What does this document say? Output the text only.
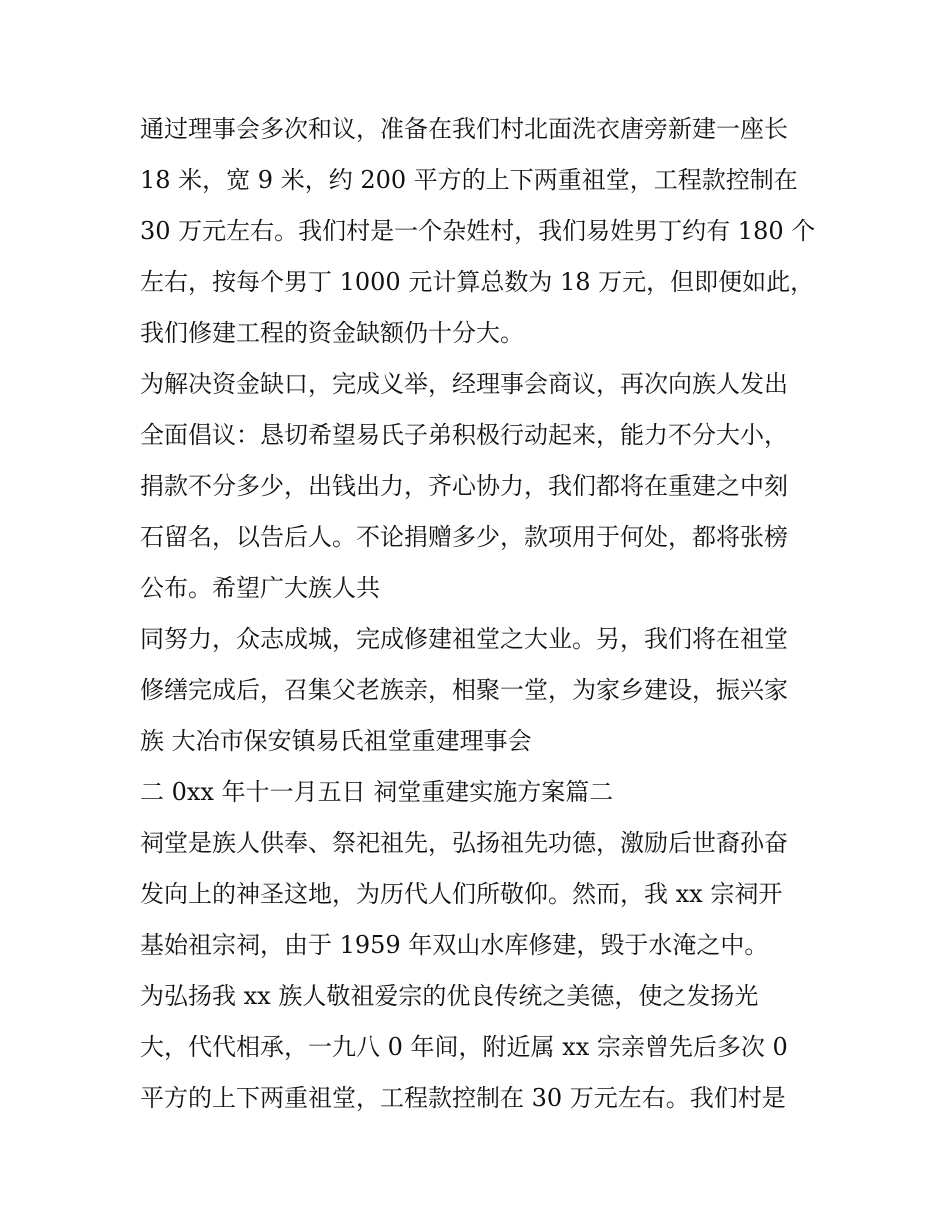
通过理事会多次和议，准备在我们村北面洗衣唐旁新建一座长
18 米，宽 9 米，约 200 平方的上下两重祖堂，工程款控制在
30 万元左右。我们村是一个杂姓村，我们易姓男丁约有 180 个
左右，按每个男丁 1000 元计算总数为 18 万元，但即便如此，
我们修建工程的资金缺额仍十分大。
为解决资金缺口，完成义举，经理事会商议，再次向族人发出
全面倡议：恳切希望易氏子弟积极行动起来，能力不分大小，
捐款不分多少，出钱出力，齐心协力，我们都将在重建之中刻
石留名，以告后人。不论捐赠多少，款项用于何处，都将张榜
公布。希望广大族人共
同努力，众志成城，完成修建祖堂之大业。另，我们将在祖堂
修缮完成后，召集父老族亲，相聚一堂，为家乡建设，振兴家
族 大冶市保安镇易氏祖堂重建理事会
二 0xx 年十一月五日 祠堂重建实施方案篇二
祠堂是族人供奉、祭祀祖先，弘扬祖先功德，激励后世裔孙奋
发向上的神圣这地，为历代人们所敬仰。然而，我 xx 宗祠开
基始祖宗祠，由于 1959 年双山水库修建，毁于水淹之中。
为弘扬我 xx 族人敬祖爱宗的优良传统之美德，使之发扬光
大，代代相承，一九八 0 年间，附近属 xx 宗亲曾先后多次 0
平方的上下两重祖堂，工程款控制在 30 万元左右。我们村是
